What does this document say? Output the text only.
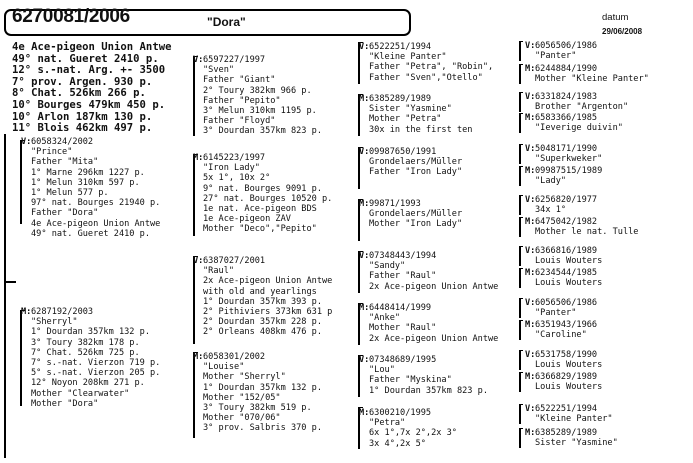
6270081/2006	"Dora"	datum
29/06/2008
4e Ace-pigeon Union Antwe
49° nat. Gueret 2410 p.
12° s.-nat. Arg. +- 3500
7° prov. Argen. 930 p.
8° Chat. 526km 266 p.
10° Bourges 479km 450 p.
10° Arlon 187km 130 p.
11° Blois 462km 497 p.
V: 6058324/2002
"Prince"
Father "Mita"
1° Marne 296km 1227 p.
1° Melun 310km 597 p.
1° Melun 577 p.
97° nat. Bourges 21940 p.
Father "Dora"
4e Ace-pigeon Union Antwe
49° nat. Gueret 2410 p.
M: 6287192/2003
"Sherryl"
1° Dourdan 357km 132 p.
3° Toury 382km 178 p.
7° Chat. 526km 725 p.
7° s.-nat. Vierzon 719 p.
5° s.-nat. Vierzon 205 p.
12° Noyon 208km 271 p.
Mother "Clearwater"
Mother "Dora"
V: 6597227/1997
"Sven"
Father "Giant"
2° Toury 382km 966 p.
Father "Pepito"
3° Melun 310km 1195 p.
Father "Floyd"
3° Dourdan 357km 823 p.
M: 6145223/1997
"Iron Lady"
5x 1°, 10x 2°
9° nat. Bourges 9091 p.
27° nat. Bourges 10520 p.
1e nat. Ace-pigeon BDS
1e Ace-pigeon ZAV
Mother "Deco","Pepito"
V: 6387027/2001
"Raul"
2x Ace-pigeon Union Antwe
with old and yearlings
1° Dourdan 357km 393 p.
2° Pithiviers 373km 631 p
2° Dourdan 357km 228 p.
2° Orleans 408km 476 p.
M: 6058301/2002
"Louise"
Mother "Sherryl"
1° Dourdan 357km 132 p.
Mother "152/05"
3° Toury 382km 519 p.
Mother "070/06"
3° prov. Salbris 370 p.
V: 6522251/1994
"Kleine Panter"
Father "Petra", "Robin",
Father "Sven","Otello"
M: 6385289/1989
Sister "Yasmine"
Mother "Petra"
30x in the first ten
V: 09987650/1991
Grondelaers/Müller
Father "Iron Lady"
M: 99871/1993
Grondelaers/Müller
Mother "Iron Lady"
V: 07348443/1994
"Sandy"
Father "Raul"
2x Ace-pigeon Union Antwe
M: 6448414/1999
"Anke"
Mother "Raul"
2x Ace-pigeon Union Antwe
V: 07348689/1995
"Lou"
Father "Myskina"
1° Dourdan 357km 823 p.
M: 6300210/1995
"Petra"
6x 1°,7x 2°,2x 3°
3x 4°,2x 5°
V: 6056506/1986
"Panter"
M: 6244884/1990
Mother "Kleine Panter"
V: 6331824/1983
Brother "Argenton"
M: 6583366/1985
"Ieverige duivin"
V: 5048171/1990
"Superkweker"
M: 09987515/1989
"Lady"
V: 6256820/1977
34x 1°
M: 6475042/1982
Mother le nat. Tulle
V: 6366816/1989
Louis Wouters
M: 6234544/1985
Louis Wouters
V: 6056506/1986
"Panter"
M: 6351943/1966
"Caroline"
V: 6531758/1990
Louis Wouters
M: 6366829/1989
Louis Wouters
V: 6522251/1994
"Kleine Panter"
M: 6385289/1989
Sister "Yasmine"
